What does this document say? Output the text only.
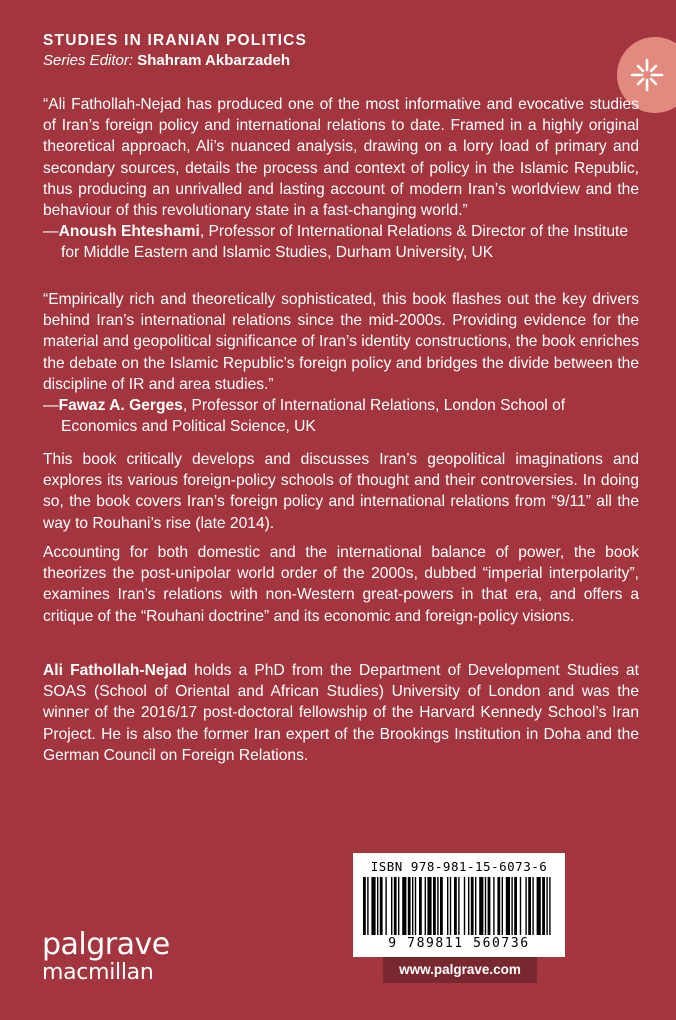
STUDIES IN IRANIAN POLITICS
Series Editor: Shahram Akbarzadeh

“Ali Fathollah-Nejad has produced one of the most informative and evocative studies of Iran’s foreign policy and international relations to date. Framed in a highly original theoretical approach, Ali’s nuanced analysis, drawing on a lorry load of primary and secondary sources, details the process and context of policy in the Islamic Republic, thus producing an unrivalled and lasting account of modern Iran’s worldview and the behaviour of this revolutionary state in a fast-changing world.”

—Anoush Ehteshami, Professor of International Relations & Director of the Institute for Middle Eastern and Islamic Studies, Durham University, UK

“Empirically rich and theoretically sophisticated, this book flashes out the key drivers behind Iran’s international relations since the mid-2000s. Providing evidence for the material and geopolitical significance of Iran’s identity constructions, the book enriches the debate on the Islamic Republic’s foreign policy and bridges the divide between the discipline of IR and area studies.”

—Fawaz A. Gerges, Professor of International Relations, London School of Economics and Political Science, UK

This book critically develops and discusses Iran’s geopolitical imaginations and explores its various foreign-policy schools of thought and their controversies. In doing so, the book covers Iran’s foreign policy and international relations from “9/11” all the way to Rouhani’s rise (late 2014).

Accounting for both domestic and the international balance of power, the book theorizes the post-unipolar world order of the 2000s, dubbed “imperial interpolarity”, examines Iran’s relations with non-Western great-powers in that era, and offers a critique of the “Rouhani doctrine” and its economic and foreign-policy visions.

Ali Fathollah-Nejad holds a PhD from the Department of Development Studies at SOAS (School of Oriental and African Studies) University of London and was the winner of the 2016/17 post-doctoral fellowship of the Harvard Kennedy School’s Iran Project. He is also the former Iran expert of the Brookings Institution in Doha and the German Council on Foreign Relations.

ISBN 978-981-15-6073-6
9 789811 560736
www.palgrave.com
palgrave
macmillan
